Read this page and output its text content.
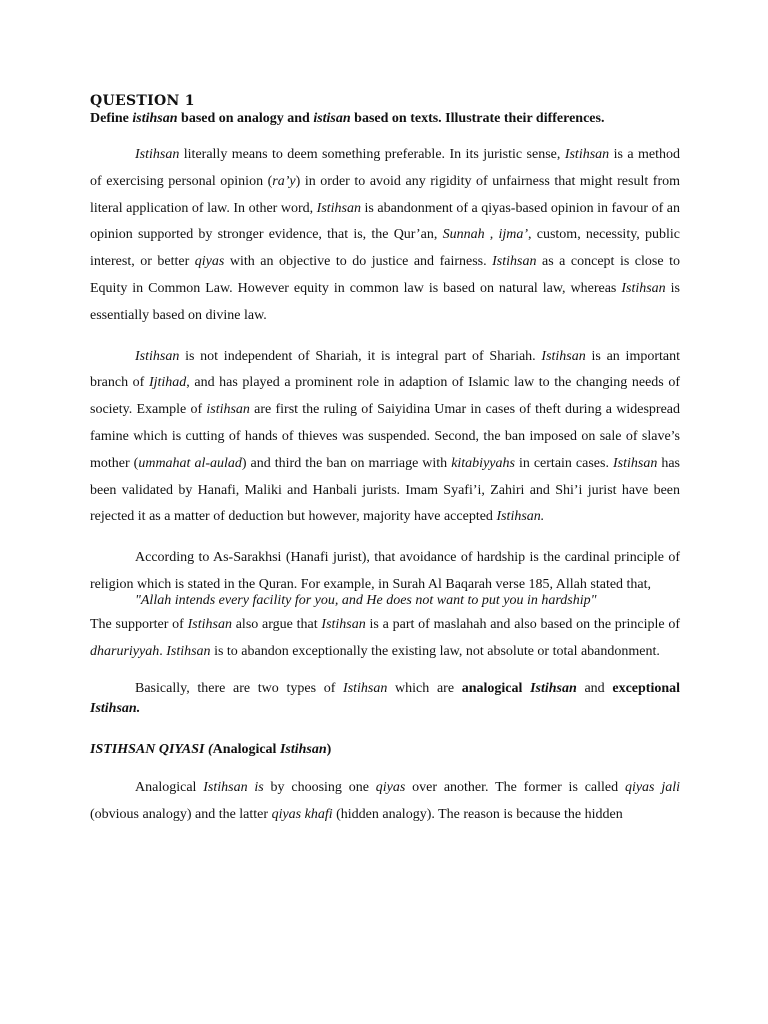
QUESTION 1
Define istihsan based on analogy and istisan based on texts. Illustrate their differences.

Istihsan literally means to deem something preferable. In its juristic sense, Istihsan is a method of exercising personal opinion (ra’y) in order to avoid any rigidity of unfairness that might result from literal application of law. In other word, Istihsan is abandonment of a qiyas-based opinion in favour of an opinion supported by stronger evidence, that is, the Qur’an, Sunnah , ijma’, custom, necessity, public interest, or better qiyas with an objective to do justice and fairness. Istihsan as a concept is close to Equity in Common Law. However equity in common law is based on natural law, whereas Istihsan is essentially based on divine law.

Istihsan is not independent of Shariah, it is integral part of Shariah. Istihsan is an important branch of Ijtihad, and has played a prominent role in adaption of Islamic law to the changing needs of society. Example of istihsan are first the ruling of Saiyidina Umar in cases of theft during a widespread famine which is cutting of hands of thieves was suspended. Second, the ban imposed on sale of slave’s mother (ummahat al-aulad) and third the ban on marriage with kitabiyyahs in certain cases. Istihsan has been validated by Hanafi, Maliki and Hanbali jurists. Imam Syafi’i, Zahiri and Shi’i jurist have been rejected it as a matter of deduction but however, majority have accepted Istihsan.

According to As-Sarakhsi (Hanafi jurist), that avoidance of hardship is the cardinal principle of religion which is stated in the Quran. For example, in Surah Al Baqarah verse 185, Allah stated that,

"Allah intends every facility for you, and He does not want to put you in hardship"

The supporter of Istihsan also argue that Istihsan is a part of maslahah and also based on the principle of dharuriyyah. Istihsan is to abandon exceptionally the existing law, not absolute or total abandonment.

Basically, there are two types of Istihsan which are analogical Istihsan and exceptional Istihsan.

ISTIHSAN QIYASI (Analogical Istihsan)

Analogical Istihsan is by choosing one qiyas over another. The former is called qiyas jali (obvious analogy) and the latter qiyas khafi (hidden analogy). The reason is because the hidden
